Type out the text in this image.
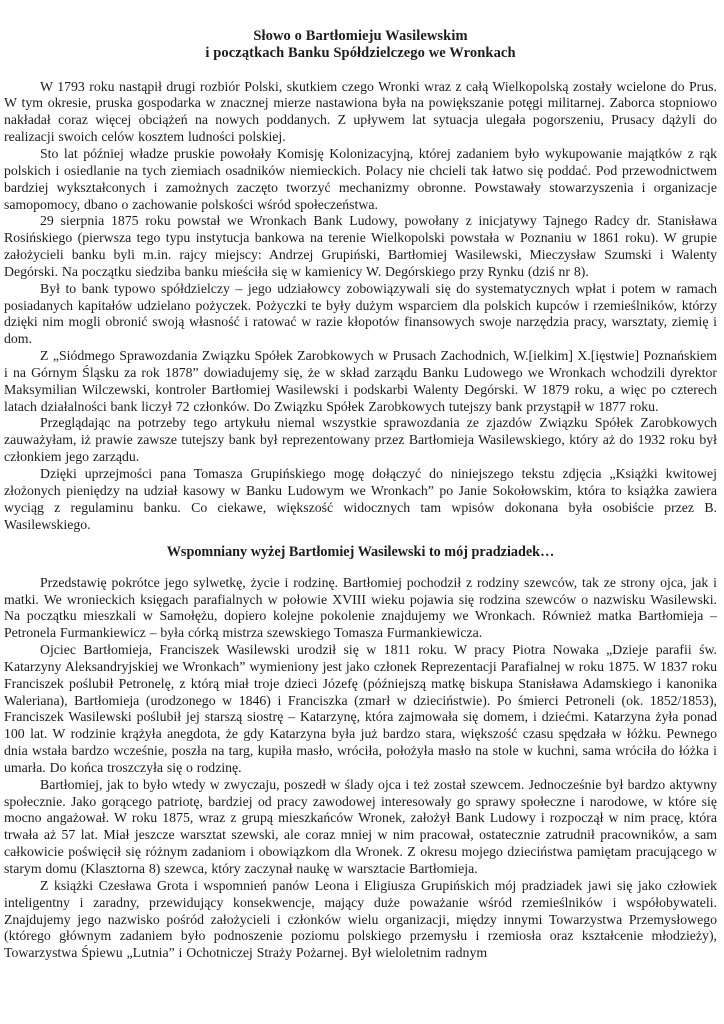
Słowo o Bartłomieju Wasilewskim
i początkach Banku Spółdzielczego we Wronkach

W 1793 roku nastąpił drugi rozbiór Polski, skutkiem czego Wronki wraz z całą Wielkopolską zostały wcielone do Prus. W tym okresie, pruska gospodarka w znacznej mierze nastawiona była na powiększanie potęgi militarnej. Zaborca stopniowo nakładał coraz więcej obciążeń na nowych poddanych. Z upływem lat sytuacja ulegała pogorszeniu, Prusacy dążyli do realizacji swoich celów kosztem ludności polskiej.

Sto lat później władze pruskie powołały Komisję Kolonizacyjną, której zadaniem było wykupowanie majątków z rąk polskich i osiedlanie na tych ziemiach osadników niemieckich. Polacy nie chcieli tak łatwo się poddać. Pod przewodnictwem bardziej wykształconych i zamożnych zaczęto tworzyć mechanizmy obronne. Powstawały stowarzyszenia i organizacje samopomocy, dbano o zachowanie polskości wśród społeczeństwa.

29 sierpnia 1875 roku powstał we Wronkach Bank Ludowy, powołany z inicjatywy Tajnego Radcy dr. Stanisława Rosińskiego (pierwsza tego typu instytucja bankowa na terenie Wielkopolski powstała w Poznaniu w 1861 roku). W grupie założycieli banku byli m.in. rajcy miejscy: Andrzej Grupiński, Bartłomiej Wasilewski, Mieczysław Szumski i Walenty Degórski. Na początku siedziba banku mieściła się w kamienicy W. Degórskiego przy Rynku (dziś nr 8).

Był to bank typowo spółdzielczy – jego udziałowcy zobowiązywali się do systematycznych wpłat i potem w ramach posiadanych kapitałów udzielano pożyczek. Pożyczki te były dużym wsparciem dla polskich kupców i rzemieślników, którzy dzięki nim mogli obronić swoją własność i ratować w razie kłopotów finansowych swoje narzędzia pracy, warsztaty, ziemię i dom.

Z „Siódmego Sprawozdania Związku Spółek Zarobkowych w Prusach Zachodnich, W.[ielkim] X.[ięstwie] Poznańskiem i na Górnym Śląsku za rok 1878” dowiadujemy się, że w skład zarządu Banku Ludowego we Wronkach wchodzili dyrektor Maksymilian Wilczewski, kontroler Bartłomiej Wasilewski i podskarbi Walenty Degórski. W 1879 roku, a więc po czterech latach działalności bank liczył 72 członków. Do Związku Spółek Zarobkowych tutejszy bank przystąpił w 1877 roku.

Przeglądając na potrzeby tego artykułu niemal wszystkie sprawozdania ze zjazdów Związku Spółek Zarobkowych zauważyłam, iż prawie zawsze tutejszy bank był reprezentowany przez Bartłomieja Wasilewskiego, który aż do 1932 roku był członkiem jego zarządu.

Dzięki uprzejmości pana Tomasza Grupińskiego mogę dołączyć do niniejszego tekstu zdjęcia „Książki kwitowej złożonych pieniędzy na udział kasowy w Banku Ludowym we Wronkach” po Janie Sokołowskim, która to książka zawiera wyciąg z regulaminu banku. Co ciekawe, większość widocznych tam wpisów dokonana była osobiście przez B. Wasilewskiego.

Wspomniany wyżej Bartłomiej Wasilewski to mój pradziadek…

Przedstawię pokrótce jego sylwetkę, życie i rodzinę. Bartłomiej pochodził z rodziny szewców, tak ze strony ojca, jak i matki. We wronieckich księgach parafialnych w połowie XVIII wieku pojawia się rodzina szewców o nazwisku Wasilewski. Na początku mieszkali w Samołężu, dopiero kolejne pokolenie znajdujemy we Wronkach. Również matka Bartłomieja – Petronela Furmankiewicz – była córką mistrza szewskiego Tomasza Furmankiewicza.

Ojciec Bartłomieja, Franciszek Wasilewski urodził się w 1811 roku. W pracy Piotra Nowaka „Dzieje parafii św. Katarzyny Aleksandryjskiej we Wronkach” wymieniony jest jako członek Reprezentacji Parafialnej w roku 1875. W 1837 roku Franciszek poślubił Petronelę, z którą miał troje dzieci Józefę (późniejszą matkę biskupa Stanisława Adamskiego i kanonika Waleriana), Bartłomieja (urodzonego w 1846) i Franciszka (zmarł w dzieciństwie). Po śmierci Petroneli (ok. 1852/1853), Franciszek Wasilewski poślubił jej starszą siostrę – Katarzynę, która zajmowała się domem, i dziećmi. Katarzyna żyła ponad 100 lat. W rodzinie krążyła anegdota, że gdy Katarzyna była już bardzo stara, większość czasu spędzała w łóżku. Pewnego dnia wstała bardzo wcześnie, poszła na targ, kupiła masło, wróciła, położyła masło na stole w kuchni, sama wróciła do łóżka i umarła. Do końca troszczyła się o rodzinę.

Bartłomiej, jak to było wtedy w zwyczaju, poszedł w ślady ojca i też został szewcem. Jednocześnie był bardzo aktywny społecznie. Jako gorącego patriotę, bardziej od pracy zawodowej interesowały go sprawy społeczne i narodowe, w które się mocno angażował. W roku 1875, wraz z grupą mieszkańców Wronek, założył Bank Ludowy i rozpoczął w nim pracę, która trwała aż 57 lat. Miał jeszcze warsztat szewski, ale coraz mniej w nim pracował, ostatecznie zatrudnił pracowników, a sam całkowicie poświęcił się różnym zadaniom i obowiązkom dla Wronek. Z okresu mojego dzieciństwa pamiętam pracującego w starym domu (Klasztorna 8) szewca, który zaczynał naukę w warsztacie Bartłomieja.

Z książki Czesława Grota i wspomnień panów Leona i Eligiusza Grupińskich mój pradziadek jawi się jako człowiek inteligentny i zaradny, przewidujący konsekwencje, mający duże poważanie wśród rzemieślników i współobywateli. Znajdujemy jego nazwisko pośród założycieli i członków wielu organizacji, między innymi Towarzystwa Przemysłowego (którego głównym zadaniem było podnoszenie poziomu polskiego przemysłu i rzemiosła oraz kształcenie młodzieży), Towarzystwa Śpiewu „Lutnia” i Ochotniczej Straży Pożarnej. Był wieloletnim radnym
